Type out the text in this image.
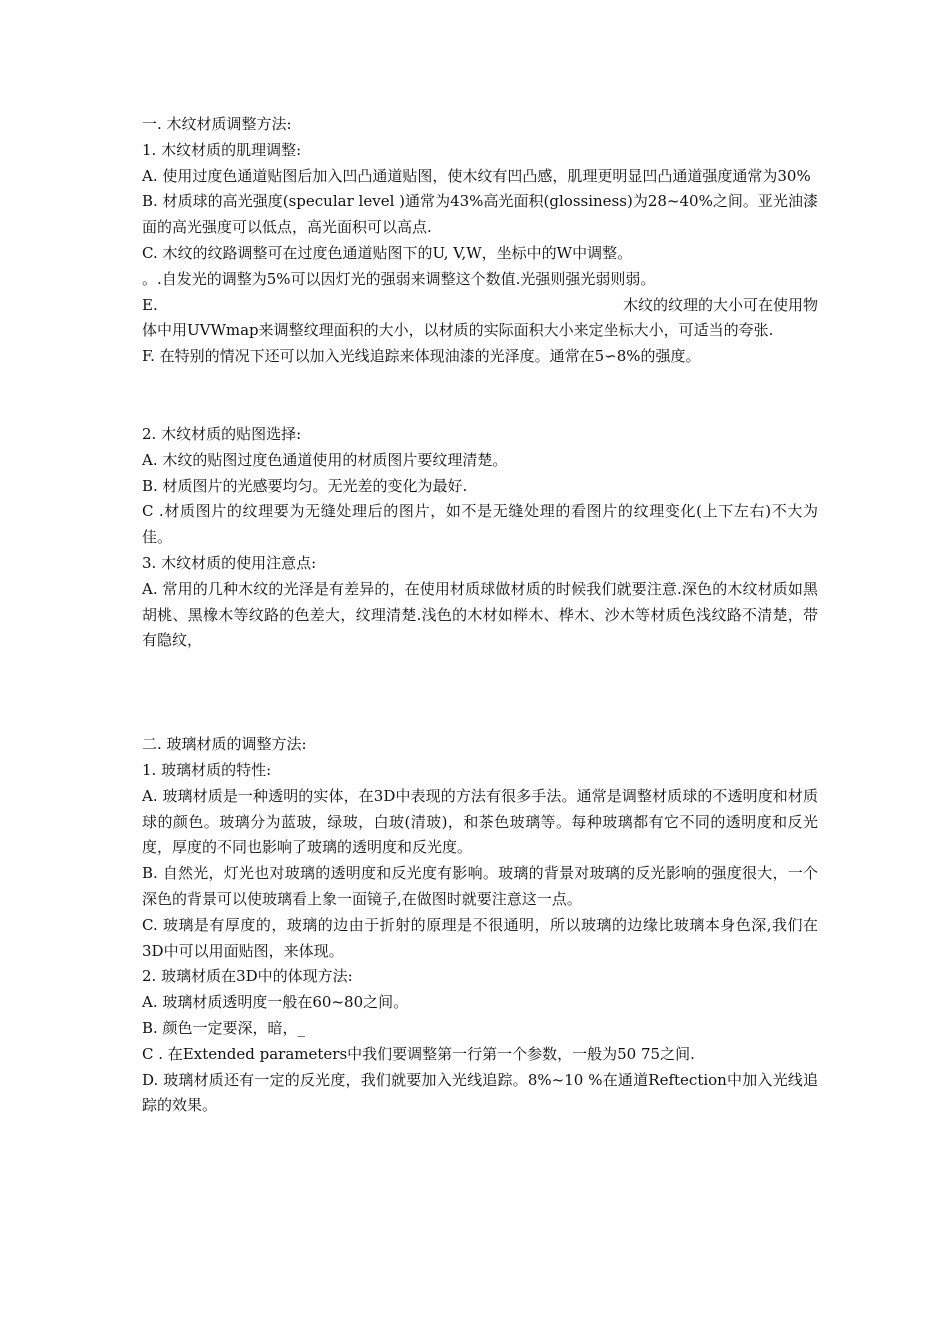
一. 木纹材质调整方法:

1. 木纹材质的肌理调整:

A. 使用过度色通道贴图后加入凹凸通道贴图，使木纹有凹凸感，肌理更明显凹凸通道强度通常为30%

B. 材质球的高光强度(specular level )通常为43%高光面积(glossiness)为28~40%之间。亚光油漆面的高光强度可以低点，高光面积可以高点.

C. 木纹的纹路调整可在过度色通道贴图下的U, V,W，坐标中的W中调整。

。.自发光的调整为5%可以因灯光的强弱来调整这个数值.光强则强光弱则弱。

E.	木纹的纹理的大小可在使用物

体中用UVWmap来调整纹理面积的大小，以材质的实际面积大小来定坐标大小，可适当的夸张.

F. 在特别的情况下还可以加入光线追踪来体现油漆的光泽度。通常在5∽8%的强度。

2. 木纹材质的贴图选择:

A. 木纹的贴图过度色通道使用的材质图片要纹理清楚。

B. 材质图片的光感要均匀。无光差的变化为最好.

C .材质图片的纹理要为无缝处理后的图片，如不是无缝处理的看图片的纹理变化(上下左右)不大为佳。

3. 木纹材质的使用注意点:

A. 常用的几种木纹的光泽是有差异的，在使用材质球做材质的时候我们就要注意.深色的木纹材质如黑胡桃、黑橡木等纹路的色差大，纹理清楚.浅色的木材如榉木、桦木、沙木等材质色浅纹路不清楚，带有隐纹，

二. 玻璃材质的调整方法:

1. 玻璃材质的特性:

A. 玻璃材质是一种透明的实体，在3D中表现的方法有很多手法。通常是调整材质球的不透明度和材质球的颜色。玻璃分为蓝玻，绿玻，白玻(清玻)，和茶色玻璃等。每种玻璃都有它不同的透明度和反光度，厚度的不同也影响了玻璃的透明度和反光度。

B. 自然光，灯光也对玻璃的透明度和反光度有影响。玻璃的背景对玻璃的反光影响的强度很大，一个深色的背景可以使玻璃看上象一面镜子,在做图时就要注意这一点。

C. 玻璃是有厚度的，玻璃的边由于折射的原理是不很通明，所以玻璃的边缘比玻璃本身色深,我们在3D中可以用面贴图，来体现。

2. 玻璃材质在3D中的体现方法:

A. 玻璃材质透明度一般在60~80之间。

B. 颜色一定要深，暗，_

C . 在Extended parameters中我们要调整第一行第一个参数，一般为50 75之间.

D. 玻璃材质还有一定的反光度，我们就要加入光线追踪。8%~10 %在通道Reftection中加入光线追踪的效果。
